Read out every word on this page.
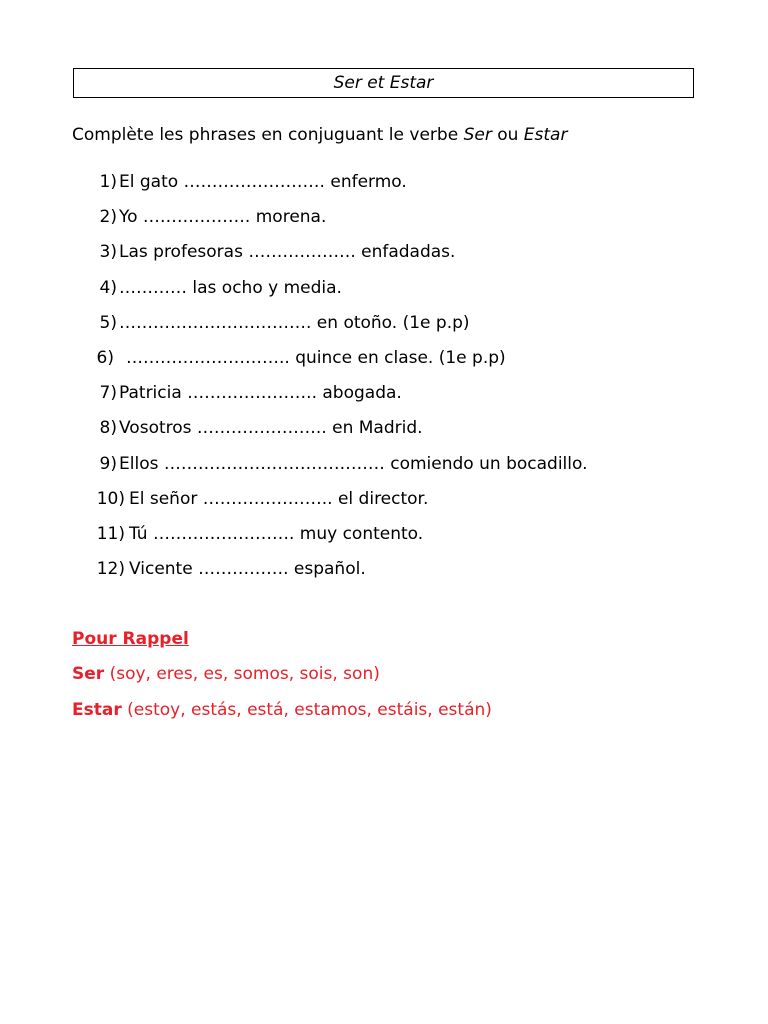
Ser et Estar
Complète les phrases en conjuguant le verbe Ser ou Estar
1) El gato ……………………. enfermo.
2) Yo ………………. morena.
3) Las profesoras ………………. enfadadas.
4) ………… las ocho y media.
5) ……………………………. en otoño. (1e p.p)
6) ……………………….. quince en clase. (1e p.p)
7) Patricia ………………….. abogada.
8) Vosotros ………………….. en Madrid.
9) Ellos ………………………………… comiendo un bocadillo.
10) El señor ………………….. el director.
11) Tú ……………………. muy contento.
12) Vicente ……………. español.
Pour Rappel
Ser (soy, eres, es, somos, sois, son)
Estar (estoy, estás, está, estamos, estáis, están)
